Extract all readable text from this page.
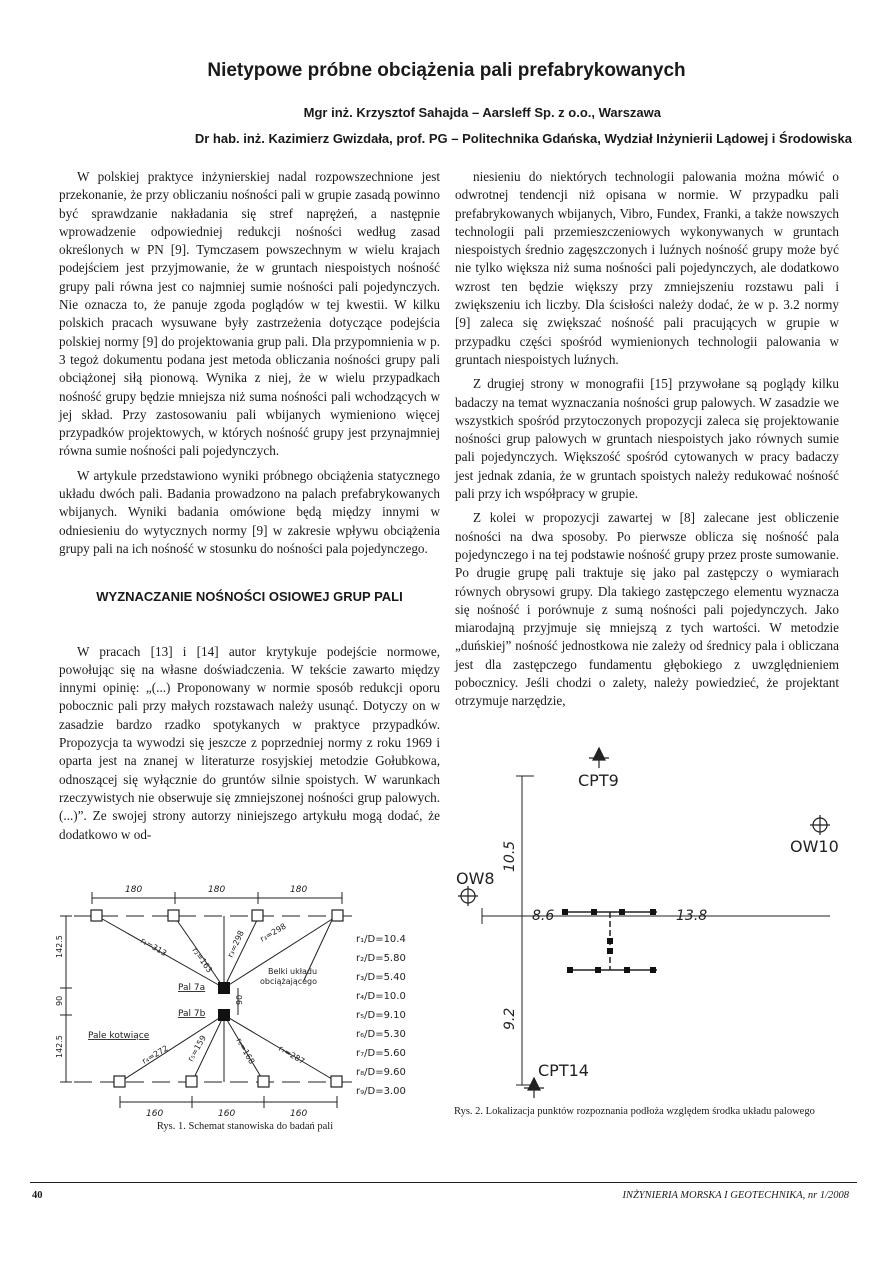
Nietypowe próbne obciążenia pali prefabrykowanych

Mgr inż. Krzysztof Sahajda – Aarsleff Sp. z o.o., Warszawa

Dr hab. inż. Kazimierz Gwizdała, prof. PG – Politechnika Gdańska, Wydział Inżynierii Lądowej i Środowiska

W polskiej praktyce inżynierskiej nadal rozpowszechnione jest przekonanie, że przy obliczaniu nośności pali w grupie zasadą powinno być sprawdzanie nakładania się stref naprężeń, a następnie wprowadzenie odpowiedniej redukcji nośności według zasad określonych w PN [9]. Tymczasem powszechnym w wielu krajach podejściem jest przyjmowanie, że w gruntach niespoistych nośność grupy pali równa jest co najmniej sumie nośności pali pojedynczych. Nie oznacza to, że panuje zgoda poglądów w tej kwestii. W kilku polskich pracach wysuwane były zastrzeżenia dotyczące podejścia polskiej normy [9] do projektowania grup pali. Dla przypomnienia w p. 3 tegoż dokumentu podana jest metoda obliczania nośności grupy pali obciążonej siłą pionową. Wynika z niej, że w wielu przypadkach nośność grupy będzie mniejsza niż suma nośności pali wchodzących w jej skład. Przy zastosowaniu pali wbijanych wymieniono więcej przypadków projektowych, w których nośność grupy jest przynajmniej równa sumie nośności pali pojedynczych.

W artykule przedstawiono wyniki próbnego obciążenia statycznego układu dwóch pali. Badania prowadzono na palach prefabrykowanych wbijanych. Wyniki badania omówione będą między innymi w odniesieniu do wytycznych normy [9] w zakresie wpływu obciążenia grupy pali na ich nośność w stosunku do nośności pala pojedynczego.

WYZNACZANIE NOŚNOŚCI OSIOWEJ GRUP PALI

W pracach [13] i [14] autor krytykuje podejście normowe, powołując się na własne doświadczenia. W tekście zawarto między innymi opinię: „(...) Proponowany w normie sposób redukcji oporu pobocznic pali przy małych rozstawach należy usunąć. Dotyczy on w zasadzie bardzo rzadko spotykanych w praktyce przypadków. Propozycja ta wywodzi się jeszcze z poprzedniej normy z roku 1969 i oparta jest na znanej w literaturze rosyjskiej metodzie Gołubkowa, odnoszącej się wyłącznie do gruntów silnie spoistych. W warunkach rzeczywistych nie obserwuje się zmniejszonej nośności grup palowych.(...)”. Ze swojej strony autorzy niniejszego artykułu mogą dodać, że dodatkowo w od-

niesieniu do niektórych technologii palowania można mówić o odwrotnej tendencji niż opisana w normie. W przypadku pali prefabrykowanych wbijanych, Vibro, Fundex, Franki, a także nowszych technologii pali przemieszczeniowych wykonywanych w gruntach niespoistych średnio zagęszczonych i luźnych nośność grupy może być nie tylko większa niż suma nośności pali pojedynczych, ale dodatkowo wzrost ten będzie większy przy zmniejszeniu rozstawu pali i zwiększeniu ich liczby. Dla ścisłości należy dodać, że w p. 3.2 normy [9] zaleca się zwiększać nośność pali pracujących w grupie w przypadku części spośród wymienionych technologii palowania w gruntach niespoistych luźnych.

Z drugiej strony w monografii [15] przywołane są poglądy kilku badaczy na temat wyznaczania nośności grup palowych. W zasadzie we wszystkich spośród przytoczonych propozycji zaleca się projektowanie nośności grup palowych w gruntach niespoistych jako równych sumie pali pojedynczych. Większość spośród cytowanych w pracy badaczy jest jednak zdania, że w gruntach spoistych należy redukować nośność pali przy ich współpracy w grupie.

Z kolei w propozycji zawartej w [8] zalecane jest obliczenie nośności na dwa sposoby. Po pierwsze oblicza się nośność pala pojedynczego i na tej podstawie nośność grupy przez proste sumowanie. Po drugie grupę pali traktuje się jako pal zastępczy o wymiarach równych obrysowi grupy. Dla takiego zastępczego elementu wyznacza się nośność i porównuje z sumą nośności pali pojedynczych. Jako miarodajną przyjmuje się mniejszą z tych wartości. W metodzie „duńskiej” nośność jednostkowa nie zależy od średnicy pala i obliczana jest dla zastępczego fundamentu głębokiego z uwzględnieniem pobocznicy. Jeśli chodzi o zalety, należy powiedzieć, że projektant otrzymuje narzędzie,

180	180	180
160	160	160
142.5
90
142.5
r₁=313	r₂=163
r₃=298 r₃=298
r₄=272 r₅=159	r₆=168	r₇=287
90
Pal 7a
Pal 7b
Belki układu
obciążającego
Pale kotwiące
r₁/D=10.4
r₂/D=5.80
r₃/D=5.40
r₄/D=10.0
r₅/D=9.10
r₆/D=5.30
r₇/D=5.60
r₈/D=9.60
r₉/D=3.00

Rys. 1. Schemat stanowiska do badań pali

CPT9
CPT14
OW8
OW10
10.5
8.6	13.8
9.2

Rys. 2. Lokalizacja punktów rozpoznania podłoża względem środka układu palowego

40	INŻYNIERIA MORSKA I GEOTECHNIKA, nr 1/2008
